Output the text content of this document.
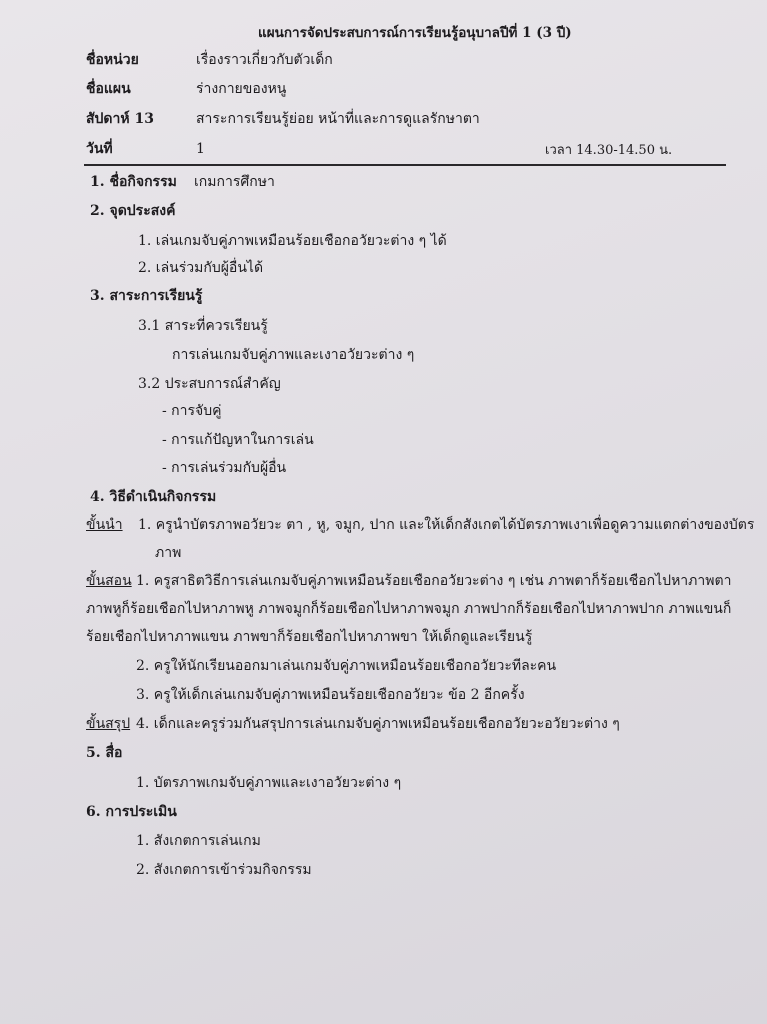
แผนการจัดประสบการณ์การเรียนรู้อนุบาลปีที่ 1 (3 ปี)
ชื่อหน่วย	เรื่องราวเกี่ยวกับตัวเด็ก
ชื่อแผน	ร่างกายของหนู
สัปดาห์ 13	สาระการเรียนรู้ย่อย หน้าที่และการดูแลรักษาตา
วันที่	1	เวลา 14.30-14.50 น.
1. ชื่อกิจกรรม เกมการศึกษา
2. จุดประสงค์
1. เล่นเกมจับคู่ภาพเหมือนร้อยเชือกอวัยวะต่าง ๆ ได้
2. เล่นร่วมกับผู้อื่นได้
3. สาระการเรียนรู้
3.1 สาระที่ควรเรียนรู้
การเล่นเกมจับคู่ภาพและเงาอวัยวะต่าง ๆ
3.2 ประสบการณ์สำคัญ
- การจับคู่
- การแก้ปัญหาในการเล่น
- การเล่นร่วมกับผู้อื่น
4. วิธีดำเนินกิจกรรม
ขั้นนำ 1. ครูนำบัตรภาพอวัยวะ ตา , หู, จมูก, ปาก และให้เด็กสังเกตได้บัตรภาพเงาเพื่อดูความแตกต่างของบัตร
ภาพ
ขั้นสอน 1. ครูสาธิตวิธีการเล่นเกมจับคู่ภาพเหมือนร้อยเชือกอวัยวะต่าง ๆ เช่น ภาพตาก็ร้อยเชือกไปหาภาพตา
ภาพหูก็ร้อยเชือกไปหาภาพหู ภาพจมูกก็ร้อยเชือกไปหาภาพจมูก ภาพปากก็ร้อยเชือกไปหาภาพปาก ภาพแขนก็
ร้อยเชือกไปหาภาพแขน ภาพขาก็ร้อยเชือกไปหาภาพขา ให้เด็กดูและเรียนรู้
2. ครูให้นักเรียนออกมาเล่นเกมจับคู่ภาพเหมือนร้อยเชือกอวัยวะทีละคน
3. ครูให้เด็กเล่นเกมจับคู่ภาพเหมือนร้อยเชือกอวัยวะ ข้อ 2 อีกครั้ง
ขั้นสรุป 4. เด็กและครูร่วมกันสรุปการเล่นเกมจับคู่ภาพเหมือนร้อยเชือกอวัยวะอวัยวะต่าง ๆ
5. สื่อ
1. บัตรภาพเกมจับคู่ภาพและเงาอวัยวะต่าง ๆ
6. การประเมิน
1. สังเกตการเล่นเกม
2. สังเกตการเข้าร่วมกิจกรรม
